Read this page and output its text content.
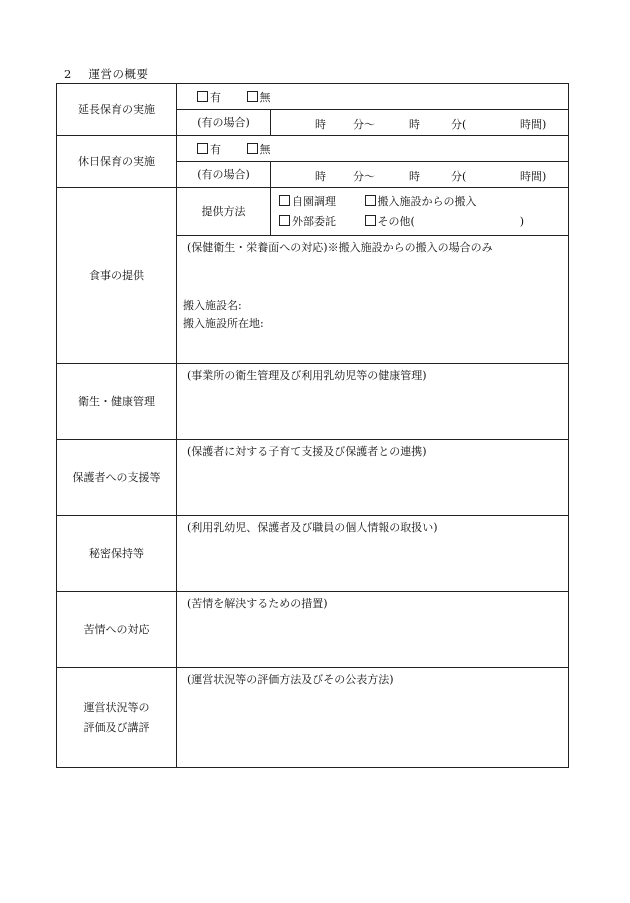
2 運営の概要
延長保育の実施	有 無	
	(有の場合)	時 分〜 時 分( 時間)

休日保育の実施	有 無	
	(有の場合)	時 分〜 時 分( 時間)

食事の提供	提供方法	自園調理 搬入施設からの搬入
外部委託 その他( )

	(保健衛生・栄養面への対応)※搬入施設からの搬入の場合のみ
搬入施設名:
搬入施設所在地:	

衛生・健康管理	(事業所の衛生管理及び利用乳幼児等の健康管理)	

保護者への支援等	(保護者に対する子育て支援及び保護者との連携)	

秘密保持等	(利用乳幼児、保護者及び職員の個人情報の取扱い)	

苦情への対応	(苦情を解決するための措置)	

運営状況等の
評価及び講評	(運営状況等の評価方法及びその公表方法)	
